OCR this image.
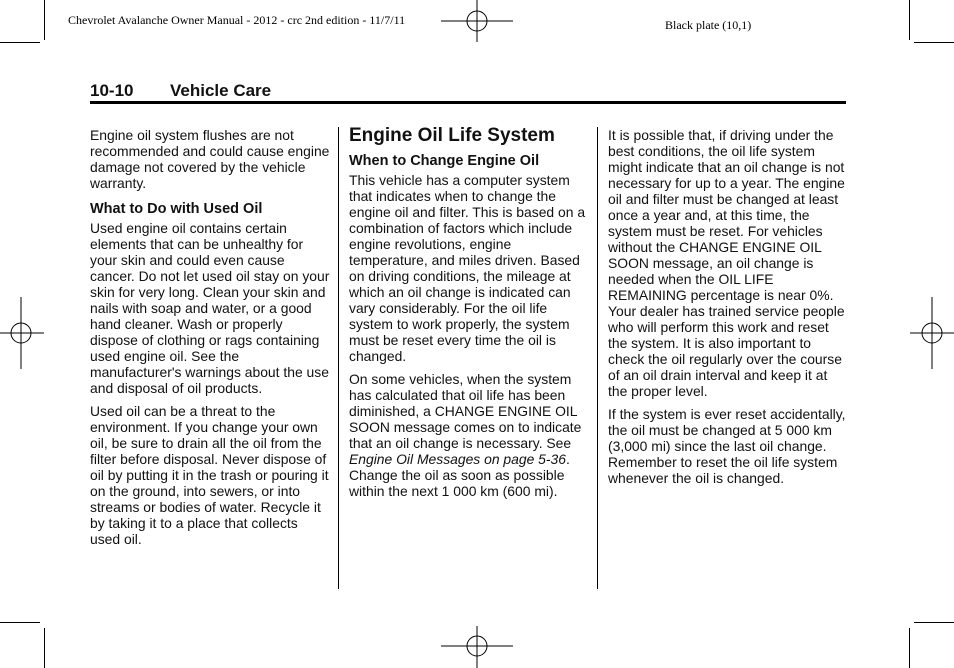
Chevrolet Avalanche Owner Manual - 2012 - crc 2nd edition - 11/7/11	Black plate (10,1)
10-10 Vehicle Care

Engine oil system flushes are not recommended and could cause engine damage not covered by the vehicle warranty.

What to Do with Used Oil

Used engine oil contains certain elements that can be unhealthy for your skin and could even cause cancer. Do not let used oil stay on your skin for very long. Clean your skin and nails with soap and water, or a good hand cleaner. Wash or properly dispose of clothing or rags containing used engine oil. See the manufacturer's warnings about the use and disposal of oil products.

Used oil can be a threat to the environment. If you change your own oil, be sure to drain all the oil from the filter before disposal. Never dispose of oil by putting it in the trash or pouring it on the ground, into sewers, or into streams or bodies of water. Recycle it by taking it to a place that collects used oil.

Engine Oil Life System
When to Change Engine Oil

This vehicle has a computer system that indicates when to change the engine oil and filter. This is based on a combination of factors which include engine revolutions, engine temperature, and miles driven. Based on driving conditions, the mileage at which an oil change is indicated can vary considerably. For the oil life system to work properly, the system must be reset every time the oil is changed.

On some vehicles, when the system has calculated that oil life has been diminished, a CHANGE ENGINE OIL SOON message comes on to indicate that an oil change is necessary. See Engine Oil Messages on page 5‑36. Change the oil as soon as possible within the next 1 000 km (600 mi).

It is possible that, if driving under the best conditions, the oil life system might indicate that an oil change is not necessary for up to a year. The engine oil and filter must be changed at least once a year and, at this time, the system must be reset. For vehicles without the CHANGE ENGINE OIL SOON message, an oil change is needed when the OIL LIFE REMAINING percentage is near 0%. Your dealer has trained service people who will perform this work and reset the system. It is also important to check the oil regularly over the course of an oil drain interval and keep it at the proper level.

If the system is ever reset accidentally, the oil must be changed at 5 000 km (3,000 mi) since the last oil change. Remember to reset the oil life system whenever the oil is changed.
